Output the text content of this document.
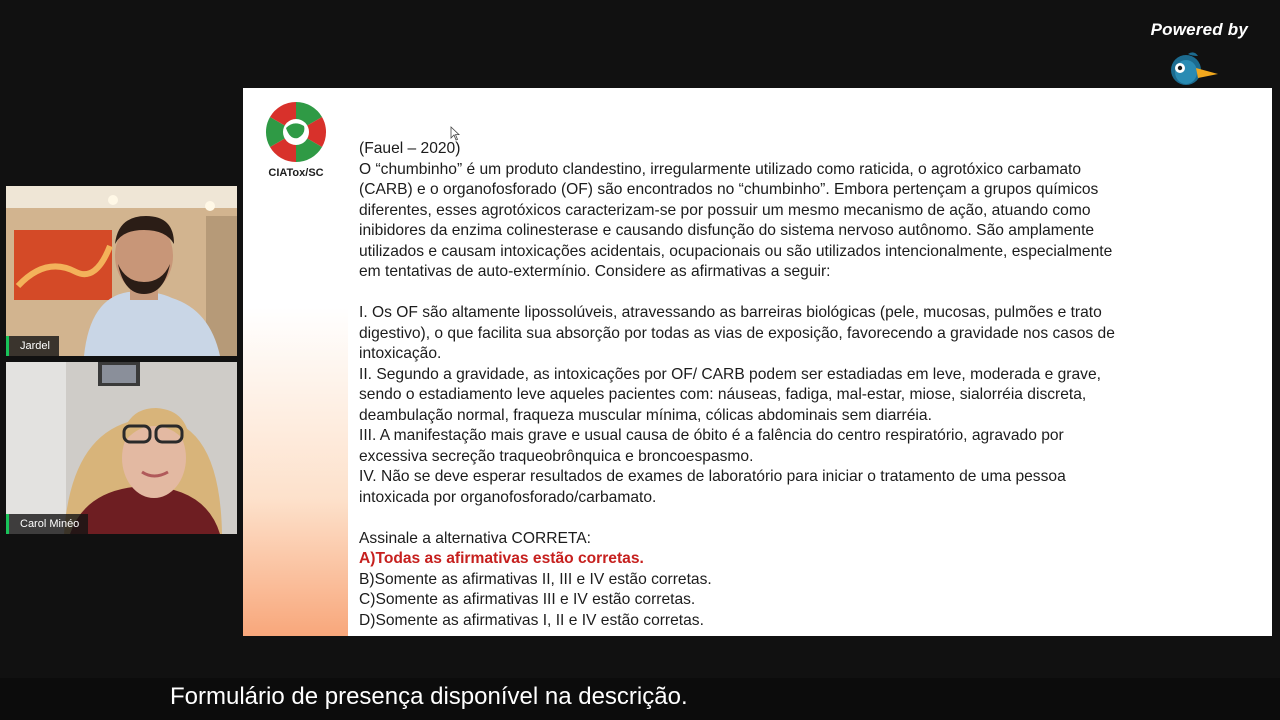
Powered by
Jardel
Carol Minéo
CIATox/SC

(Fauel – 2020)

O “chumbinho” é um produto clandestino, irregularmente utilizado como raticida, o agrotóxico carbamato

(CARB) e o organofosforado (OF) são encontrados no “chumbinho”. Embora pertençam a grupos químicos

diferentes, esses agrotóxicos caracterizam-se por possuir um mesmo mecanismo de ação, atuando como

inibidores da enzima colinesterase e causando disfunção do sistema nervoso autônomo. São amplamente

utilizados e causam intoxicações acidentais, ocupacionais ou são utilizados intencionalmente, especialmente

em tentativas de auto-extermínio. Considere as afirmativas a seguir:

I. Os OF são altamente lipossolúveis, atravessando as barreiras biológicas (pele, mucosas, pulmões e trato

digestivo), o que facilita sua absorção por todas as vias de exposição, favorecendo a gravidade nos casos de

intoxicação.

II. Segundo a gravidade, as intoxicações por OF/ CARB podem ser estadiadas em leve, moderada e grave,

sendo o estadiamento leve aqueles pacientes com: náuseas, fadiga, mal-estar, miose, sialorréia discreta,

deambulação normal, fraqueza muscular mínima, cólicas abdominais sem diarréia.

III. A manifestação mais grave e usual causa de óbito é a falência do centro respiratório, agravado por

excessiva secreção traqueobrônquica e broncoespasmo.

IV. Não se deve esperar resultados de exames de laboratório para iniciar o tratamento de uma pessoa

intoxicada por organofosforado/carbamato.

Assinale a alternativa CORRETA:

A)Todas as afirmativas estão corretas.

B)Somente as afirmativas II, III e IV estão corretas.

C)Somente as afirmativas III e IV estão corretas.

D)Somente as afirmativas I, II e IV estão corretas.

Formulário de presença disponível na descrição.
